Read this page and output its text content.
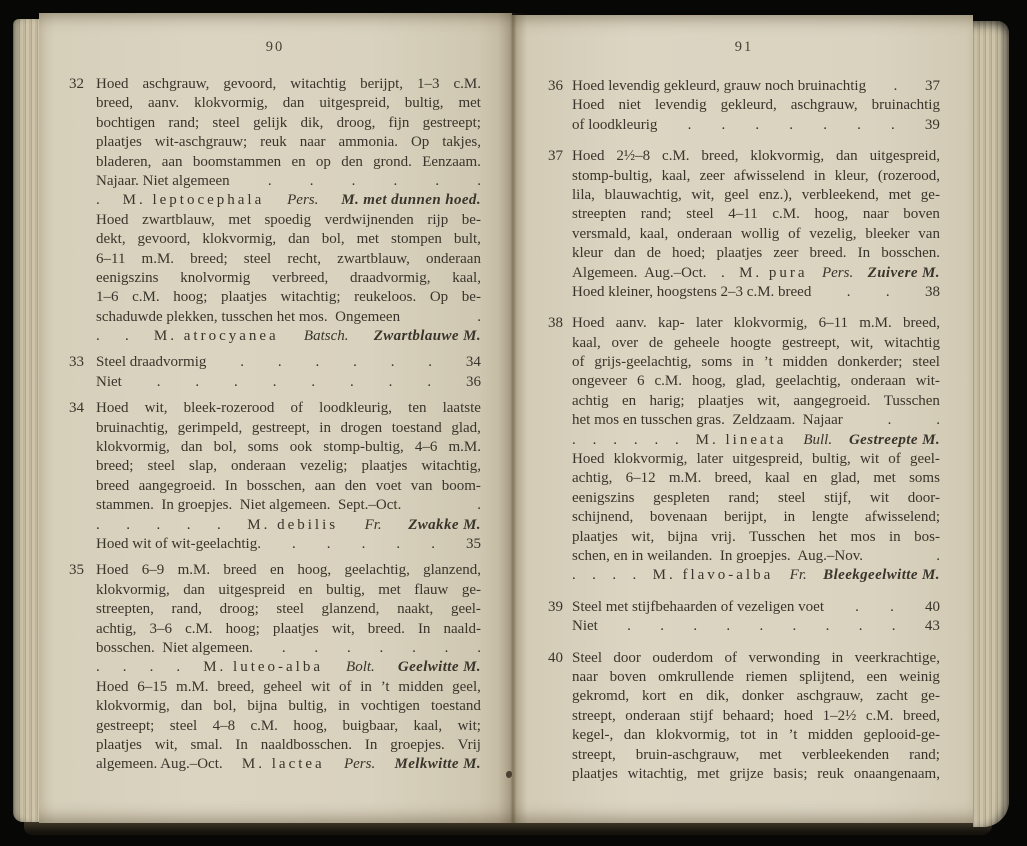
90
32 Hoed aschgrauw, gevoord, witachtig berijpt, 1–3 c.M.
breed, aanv. klokvormig, dan uitgespreid, bultig, met
bochtigen rand; steel gelijk dik, droog, fijn gestreept;
plaatjes wit-aschgrauw; reuk naar ammonia. Op takjes,
bladeren, aan boomstammen en op den grond. Eenzaam.
Najaar. Niet algemeen	.	.	.	.	.	.
. M. leptocephala Pers. M. met dunnen hoed.
Hoed zwartblauw, met spoedig verdwijnenden rijp be-
dekt, gevoord, klokvormig, dan bol, met stompen bult,
6–11 m.M. breed; steel recht, zwartblauw, onderaan
eenigszins knolvormig verbreed, draadvormig, kaal,
1–6 c.M. hoog; plaatjes witachtig; reukeloos. Op be-
schaduwde plekken, tusschen het mos.  Ongemeen	.
. . M. atrocyanea Batsch. Zwartblauwe M.
33 Steel draadvormig . . . . . . 34
Niet . . . . . . . . 36
34 Hoed wit, bleek-rozerood of loodkleurig, ten laatste
bruinachtig, gerimpeld, gestreept, in drogen toestand glad,
klokvormig, dan bol, soms ook stomp-bultig, 4–6 m.M.
breed; steel slap, onderaan vezelig; plaatjes witachtig,
breed aangegroeid. In bosschen, aan den voet van boom-
stammen.  In groepjes.  Niet algemeen.  Sept.–Oct.	.
. . . . . M. debilis Fr. Zwakke M.
Hoed wit of wit-geelachtig. . . . . . 35
35 Hoed 6–9 m.M. breed en hoog, geelachtig, glanzend,
klokvormig, dan uitgespreid en bultig, met flauw ge-
streepten, rand, droog; steel glanzend, naakt, geel-
achtig, 3–6 c.M. hoog; plaatjes wit, breed. In naald-
bosschen.  Niet algemeen. . . . . . . .
. . . . M. luteo-alba Bolt. Geelwitte M.
Hoed 6–15 m.M. breed, geheel wit of in ’t midden geel,
klokvormig, dan bol, bijna bultig, in vochtigen toestand
gestreept; steel 4–8 c.M. hoog, buigbaar, kaal, wit;
plaatjes wit, smal. In naaldbosschen. In groepjes. Vrij
algemeen. Aug.–Oct. M. lactea Pers. Melkwitte M.
91
36 Hoed levendig gekleurd, grauw noch bruinachtig . 37
Hoed niet levendig gekleurd, aschgrauw, bruinachtig
of loodkleurig . . . . . . . 39
37 Hoed 2½–8 c.M. breed, klokvormig, dan uitgespreid,
stomp-bultig, kaal, zeer afwisselend in kleur, (rozerood,
lila, blauwachtig, wit, geel enz.), verbleekend, met ge-
streepten rand; steel 4–11 c.M. hoog, naar boven
versmald, kaal, onderaan wollig of vezelig, bleeker van
kleur dan de hoed; plaatjes zeer breed. In bosschen.
Algemeen.  Aug.–Oct. . M. pura Pers. Zuivere M.
Hoed kleiner, hoogstens 2–3 c.M. breed . . 38
38 Hoed aanv. kap- later klokvormig, 6–11 m.M. breed,
kaal, over de geheele hoogte gestreept, wit, witachtig
of grijs-geelachtig, soms in ’t midden donkerder; steel
ongeveer 6 c.M. hoog, glad, geelachtig, onderaan wit-
achtig en harig; plaatjes wit, aangegroeid. Tusschen
het mos en tusschen gras.  Zeldzaam.  Najaar	.	.
. . . . . . M. lineata Bull. Gestreepte M.
Hoed klokvormig, later uitgespreid, bultig, wit of geel-
achtig, 6–12 m.M. breed, kaal en glad, met soms
eenigszins gespleten rand; steel stijf, wit door-
schijnend, bovenaan berijpt, in lengte afwisselend;
plaatjes wit, bijna vrij. Tusschen het mos in bos-
schen, en in weilanden.  In groepjes.  Aug.–Nov.	.
. . . . M. flavo-alba Fr. Bleekgeelwitte M.
39 Steel met stijfbehaarden of vezeligen voet . . 40
Niet . . . . . . . . . 43
40 Steel door ouderdom of verwonding in veerkrachtige,
naar boven omkrullende riemen splijtend, een weinig
gekromd, kort en dik, donker aschgrauw, zacht ge-
streept, onderaan stijf behaard; hoed 1–2½ c.M. breed,
kegel-, dan klokvormig, tot in ’t midden geplooid-ge-
streept, bruin-aschgrauw, met verbleekenden rand;
plaatjes witachtig, met grijze basis; reuk onaangenaam,
